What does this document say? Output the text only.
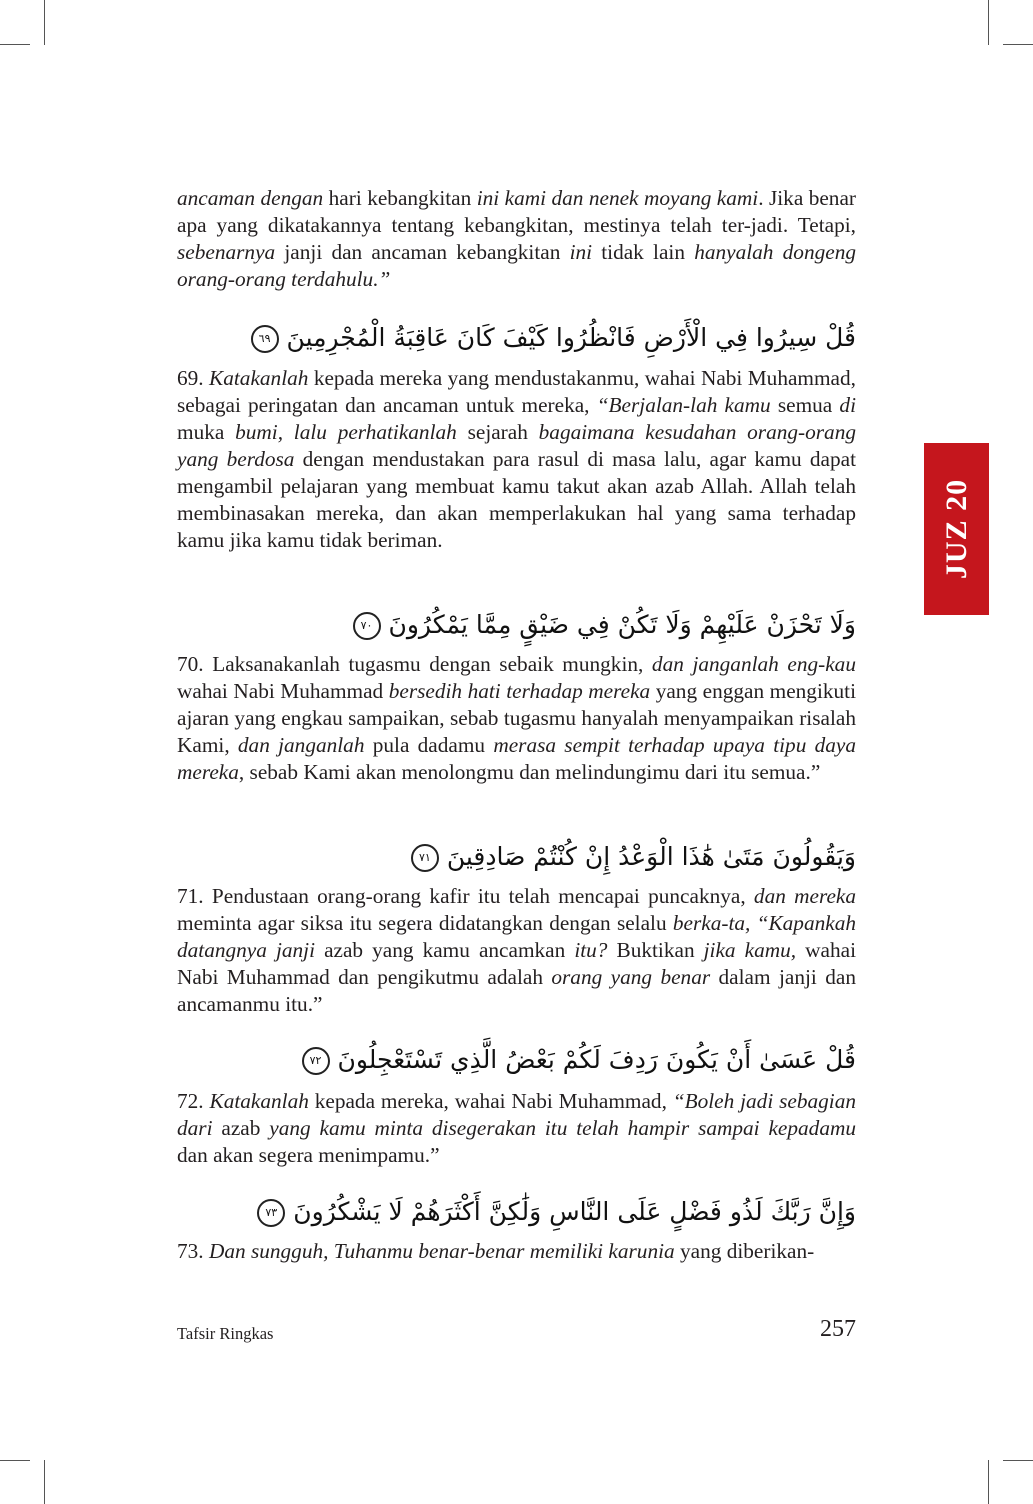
JUZ 20
ancaman dengan hari kebangkitan ini kami dan nenek moyang kami. Jika benar apa yang dikatakannya tentang kebangkitan, mestinya telah ter-jadi. Tetapi, sebenarnya janji dan ancaman kebangkitan ini tidak lain hanyalah dongeng orang-orang terdahulu.”
قُلْ سِيرُوا فِي الْأَرْضِ فَانْظُرُوا كَيْفَ كَانَ عَاقِبَةُ الْمُجْرِمِينَ ٦٩
69. Katakanlah kepada mereka yang mendustakanmu, wahai Nabi Muhammad, sebagai peringatan dan ancaman untuk mereka, “Berjalan-lah kamu semua di muka bumi, lalu perhatikanlah sejarah bagaimana kesudahan orang-orang yang berdosa dengan mendustakan para rasul di masa lalu, agar kamu dapat mengambil pelajaran yang membuat kamu takut akan azab Allah. Allah telah membinasakan mereka, dan akan memperlakukan hal yang sama terhadap kamu jika kamu tidak beriman.
وَلَا تَحْزَنْ عَلَيْهِمْ وَلَا تَكُنْ فِي ضَيْقٍ مِمَّا يَمْكُرُونَ ٧٠
70. Laksanakanlah tugasmu dengan sebaik mungkin, dan janganlah eng-kau wahai Nabi Muhammad bersedih hati terhadap mereka yang enggan mengikuti ajaran yang engkau sampaikan, sebab tugasmu hanyalah menyampaikan risalah Kami, dan janganlah pula dadamu merasa sempit terhadap upaya tipu daya mereka, sebab Kami akan menolongmu dan melindungimu dari itu semua.”
وَيَقُولُونَ مَتَىٰ هَٰذَا الْوَعْدُ إِنْ كُنْتُمْ صَادِقِينَ ٧١
71. Pendustaan orang-orang kafir itu telah mencapai puncaknya, dan mereka meminta agar siksa itu segera didatangkan dengan selalu berka-ta, “Kapankah datangnya janji azab yang kamu ancamkan itu? Buktikan jika kamu, wahai Nabi Muhammad dan pengikutmu adalah orang yang benar dalam janji dan ancamanmu itu.”
قُلْ عَسَىٰ أَنْ يَكُونَ رَدِفَ لَكُمْ بَعْضُ الَّذِي تَسْتَعْجِلُونَ ٧٢
72. Katakanlah kepada mereka, wahai Nabi Muhammad, “Boleh jadi sebagian dari azab yang kamu minta disegerakan itu telah hampir sampai kepadamu dan akan segera menimpamu.”
وَإِنَّ رَبَّكَ لَذُو فَضْلٍ عَلَى النَّاسِ وَلَٰكِنَّ أَكْثَرَهُمْ لَا يَشْكُرُونَ ٧٣
73. Dan sungguh, Tuhanmu benar-benar memiliki karunia yang diberikan-
Tafsir Ringkas	257
